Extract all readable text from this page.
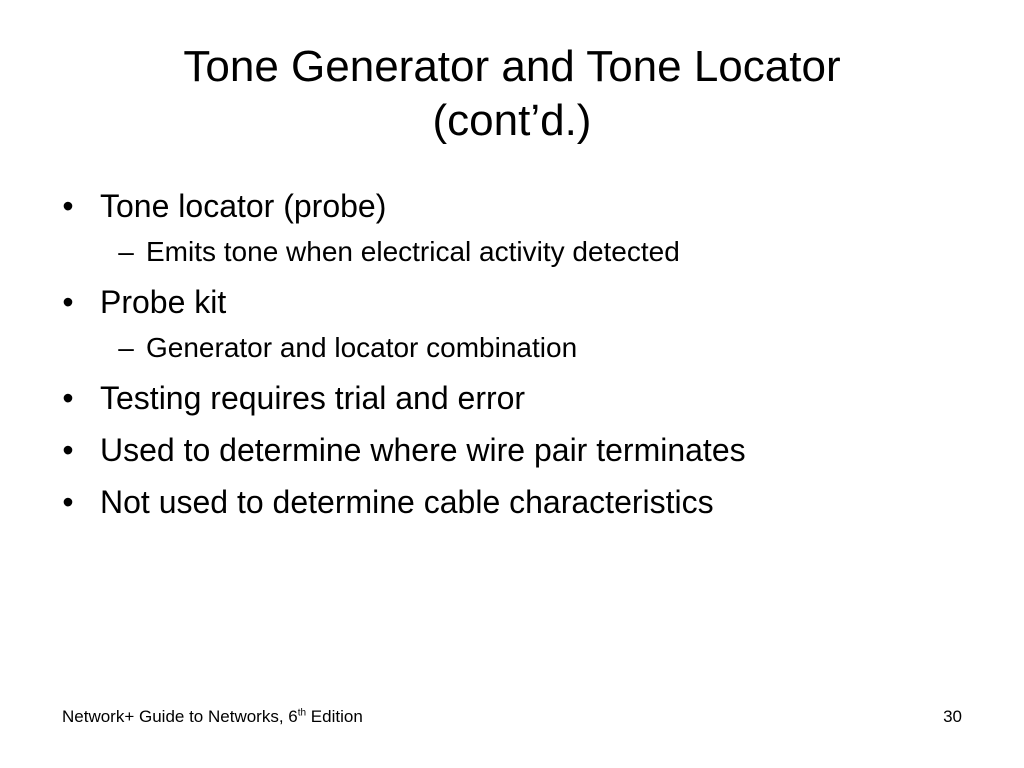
Tone Generator and Tone Locator
(cont’d.)
• Tone locator (probe)
– Emits tone when electrical activity detected
• Probe kit
– Generator and locator combination
• Testing requires trial and error
• Used to determine where wire pair terminates
• Not used to determine cable characteristics
Network+ Guide to Networks, 6th Edition	30
